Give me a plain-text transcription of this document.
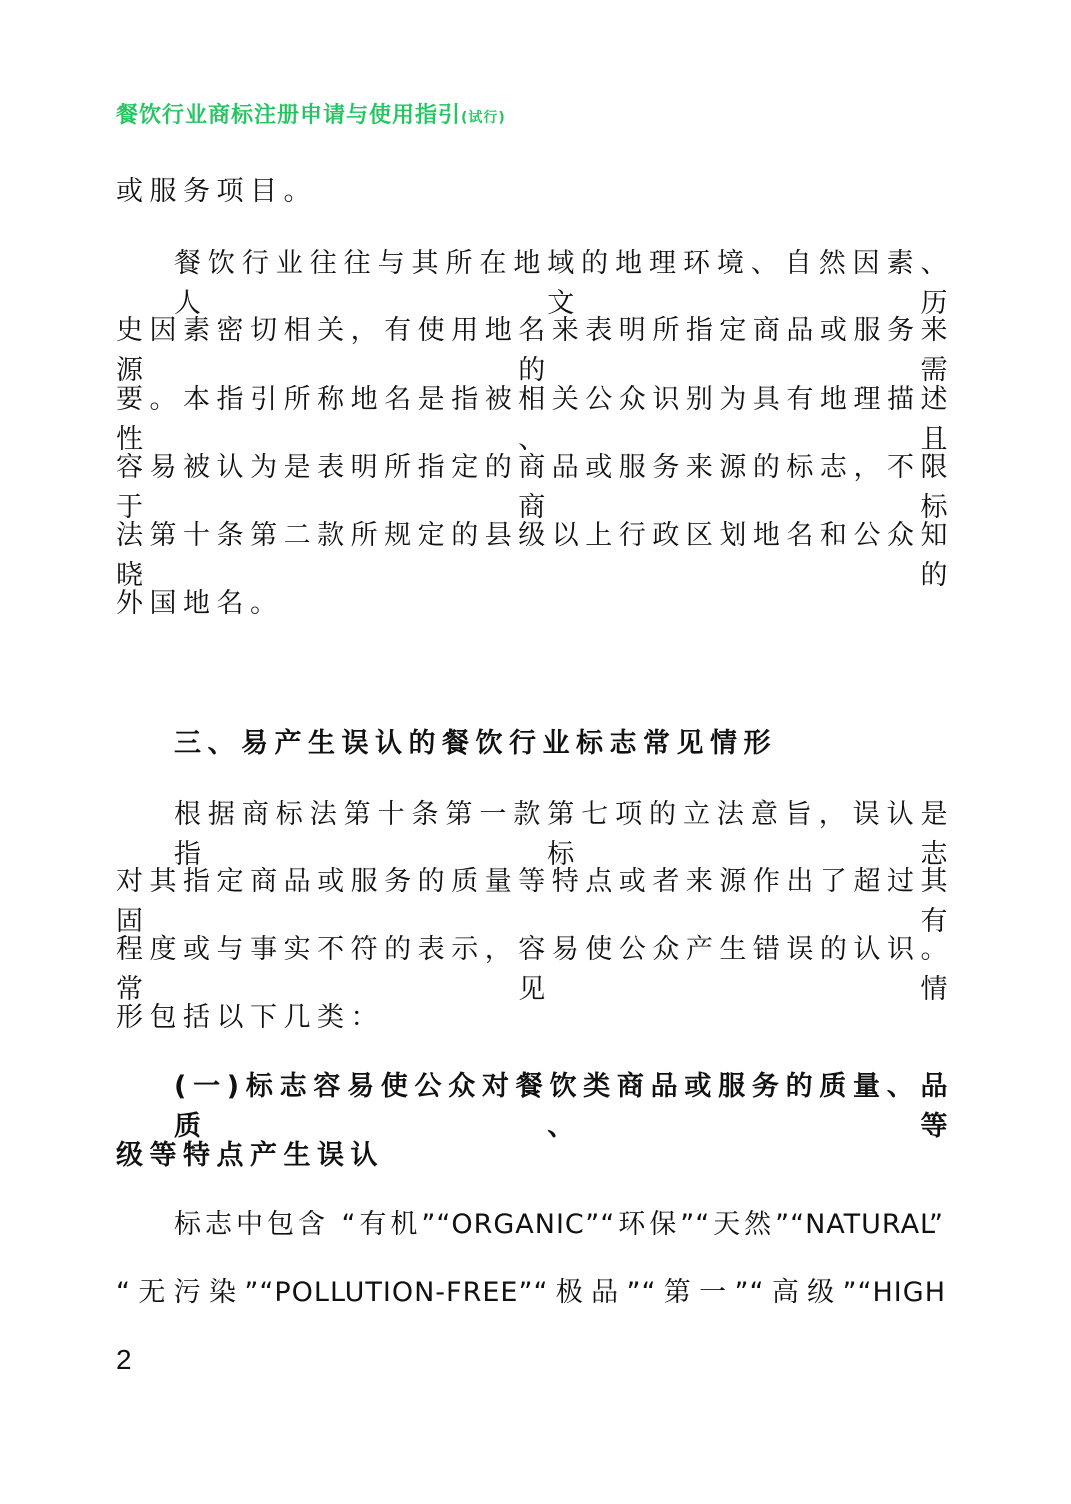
餐饮行业商标注册申请与使用指引(试行)
或服务项目。
餐饮行业往往与其所在地域的地理环境、自然因素、人文历
史因素密切相关，有使用地名来表明所指定商品或服务来源的需
要。本指引所称地名是指被相关公众识别为具有地理描述性、且
容易被认为是表明所指定的商品或服务来源的标志，不限于商标
法第十条第二款所规定的县级以上行政区划地名和公众知晓的
外国地名。
三、易产生误认的餐饮行业标志常见情形
根据商标法第十条第一款第七项的立法意旨，误认是指标志
对其指定商品或服务的质量等特点或者来源作出了超过其固有
程度或与事实不符的表示，容易使公众产生错误的认识。常见情
形包括以下几类：
(一)标志容易使公众对餐饮类商品或服务的质量、品质、等
级等特点产生误认
标志中包含 “有机”“ORGANIC”“环保”“天然”“NATURAL”
“无污染”“POLLUTION-FREE”“极品”“第一”“高级”“HIGH
2
